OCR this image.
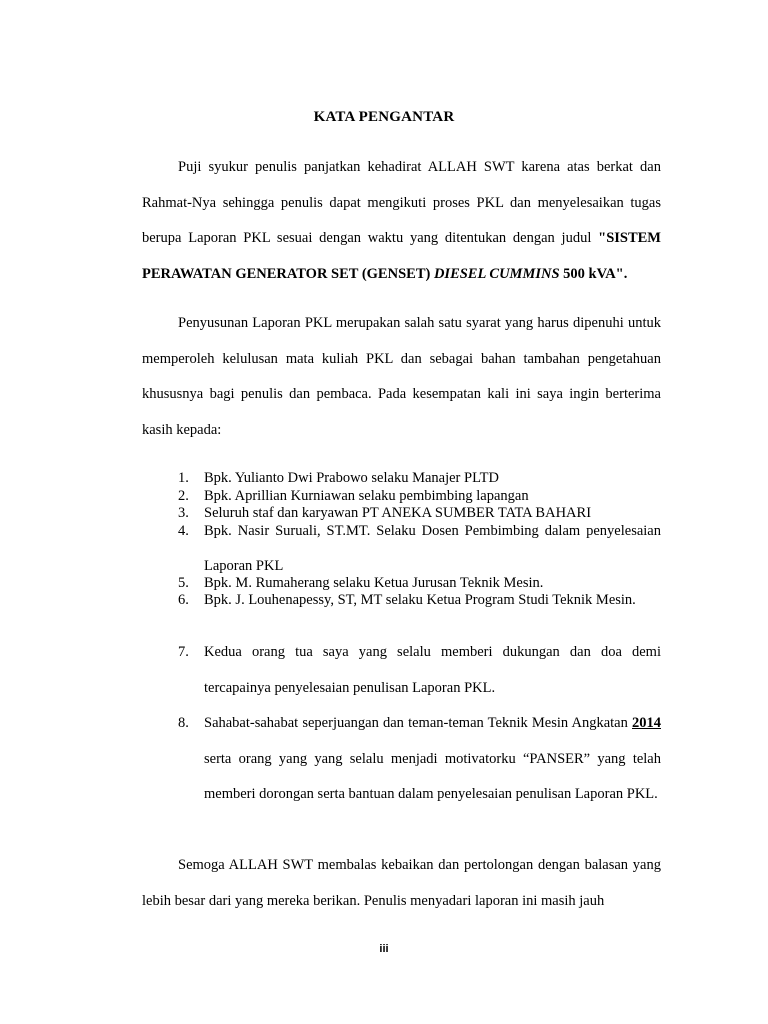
KATA PENGANTAR

Puji syukur penulis panjatkan kehadirat ALLAH SWT karena atas berkat dan Rahmat-Nya sehingga penulis dapat mengikuti proses PKL dan menyelesaikan tugas berupa Laporan PKL sesuai dengan waktu yang ditentukan dengan judul "SISTEM PERAWATAN GENERATOR SET (GENSET) DIESEL CUMMINS 500 kVA".

Penyusunan Laporan PKL merupakan salah satu syarat yang harus dipenuhi untuk memperoleh kelulusan mata kuliah PKL dan sebagai bahan tambahan pengetahuan khususnya bagi penulis dan pembaca. Pada kesempatan kali ini saya ingin berterima kasih kepada:

1.	Bpk. Yulianto Dwi Prabowo selaku Manajer PLTD
2.	Bpk. Aprillian Kurniawan selaku pembimbing lapangan
3.	Seluruh staf dan karyawan PT ANEKA SUMBER TATA BAHARI
4.	Bpk. Nasir Suruali, ST.MT. Selaku Dosen Pembimbing dalam penyelesaian Laporan PKL
5.	Bpk. M. Rumaherang selaku Ketua Jurusan Teknik Mesin.
6.	Bpk. J. Louhenapessy, ST, MT selaku Ketua Program Studi Teknik Mesin.
7.	Kedua orang tua saya yang selalu memberi dukungan dan doa demi tercapainya penyelesaian penulisan Laporan PKL.
8.	Sahabat-sahabat seperjuangan dan teman-teman Teknik Mesin Angkatan 2014 serta orang yang yang selalu menjadi motivatorku “PANSER” yang telah memberi dorongan serta bantuan dalam penyelesaian penulisan Laporan PKL.

Semoga ALLAH SWT membalas kebaikan dan pertolongan dengan balasan yang lebih besar dari yang mereka berikan. Penulis menyadari laporan ini masih jauh

iii
